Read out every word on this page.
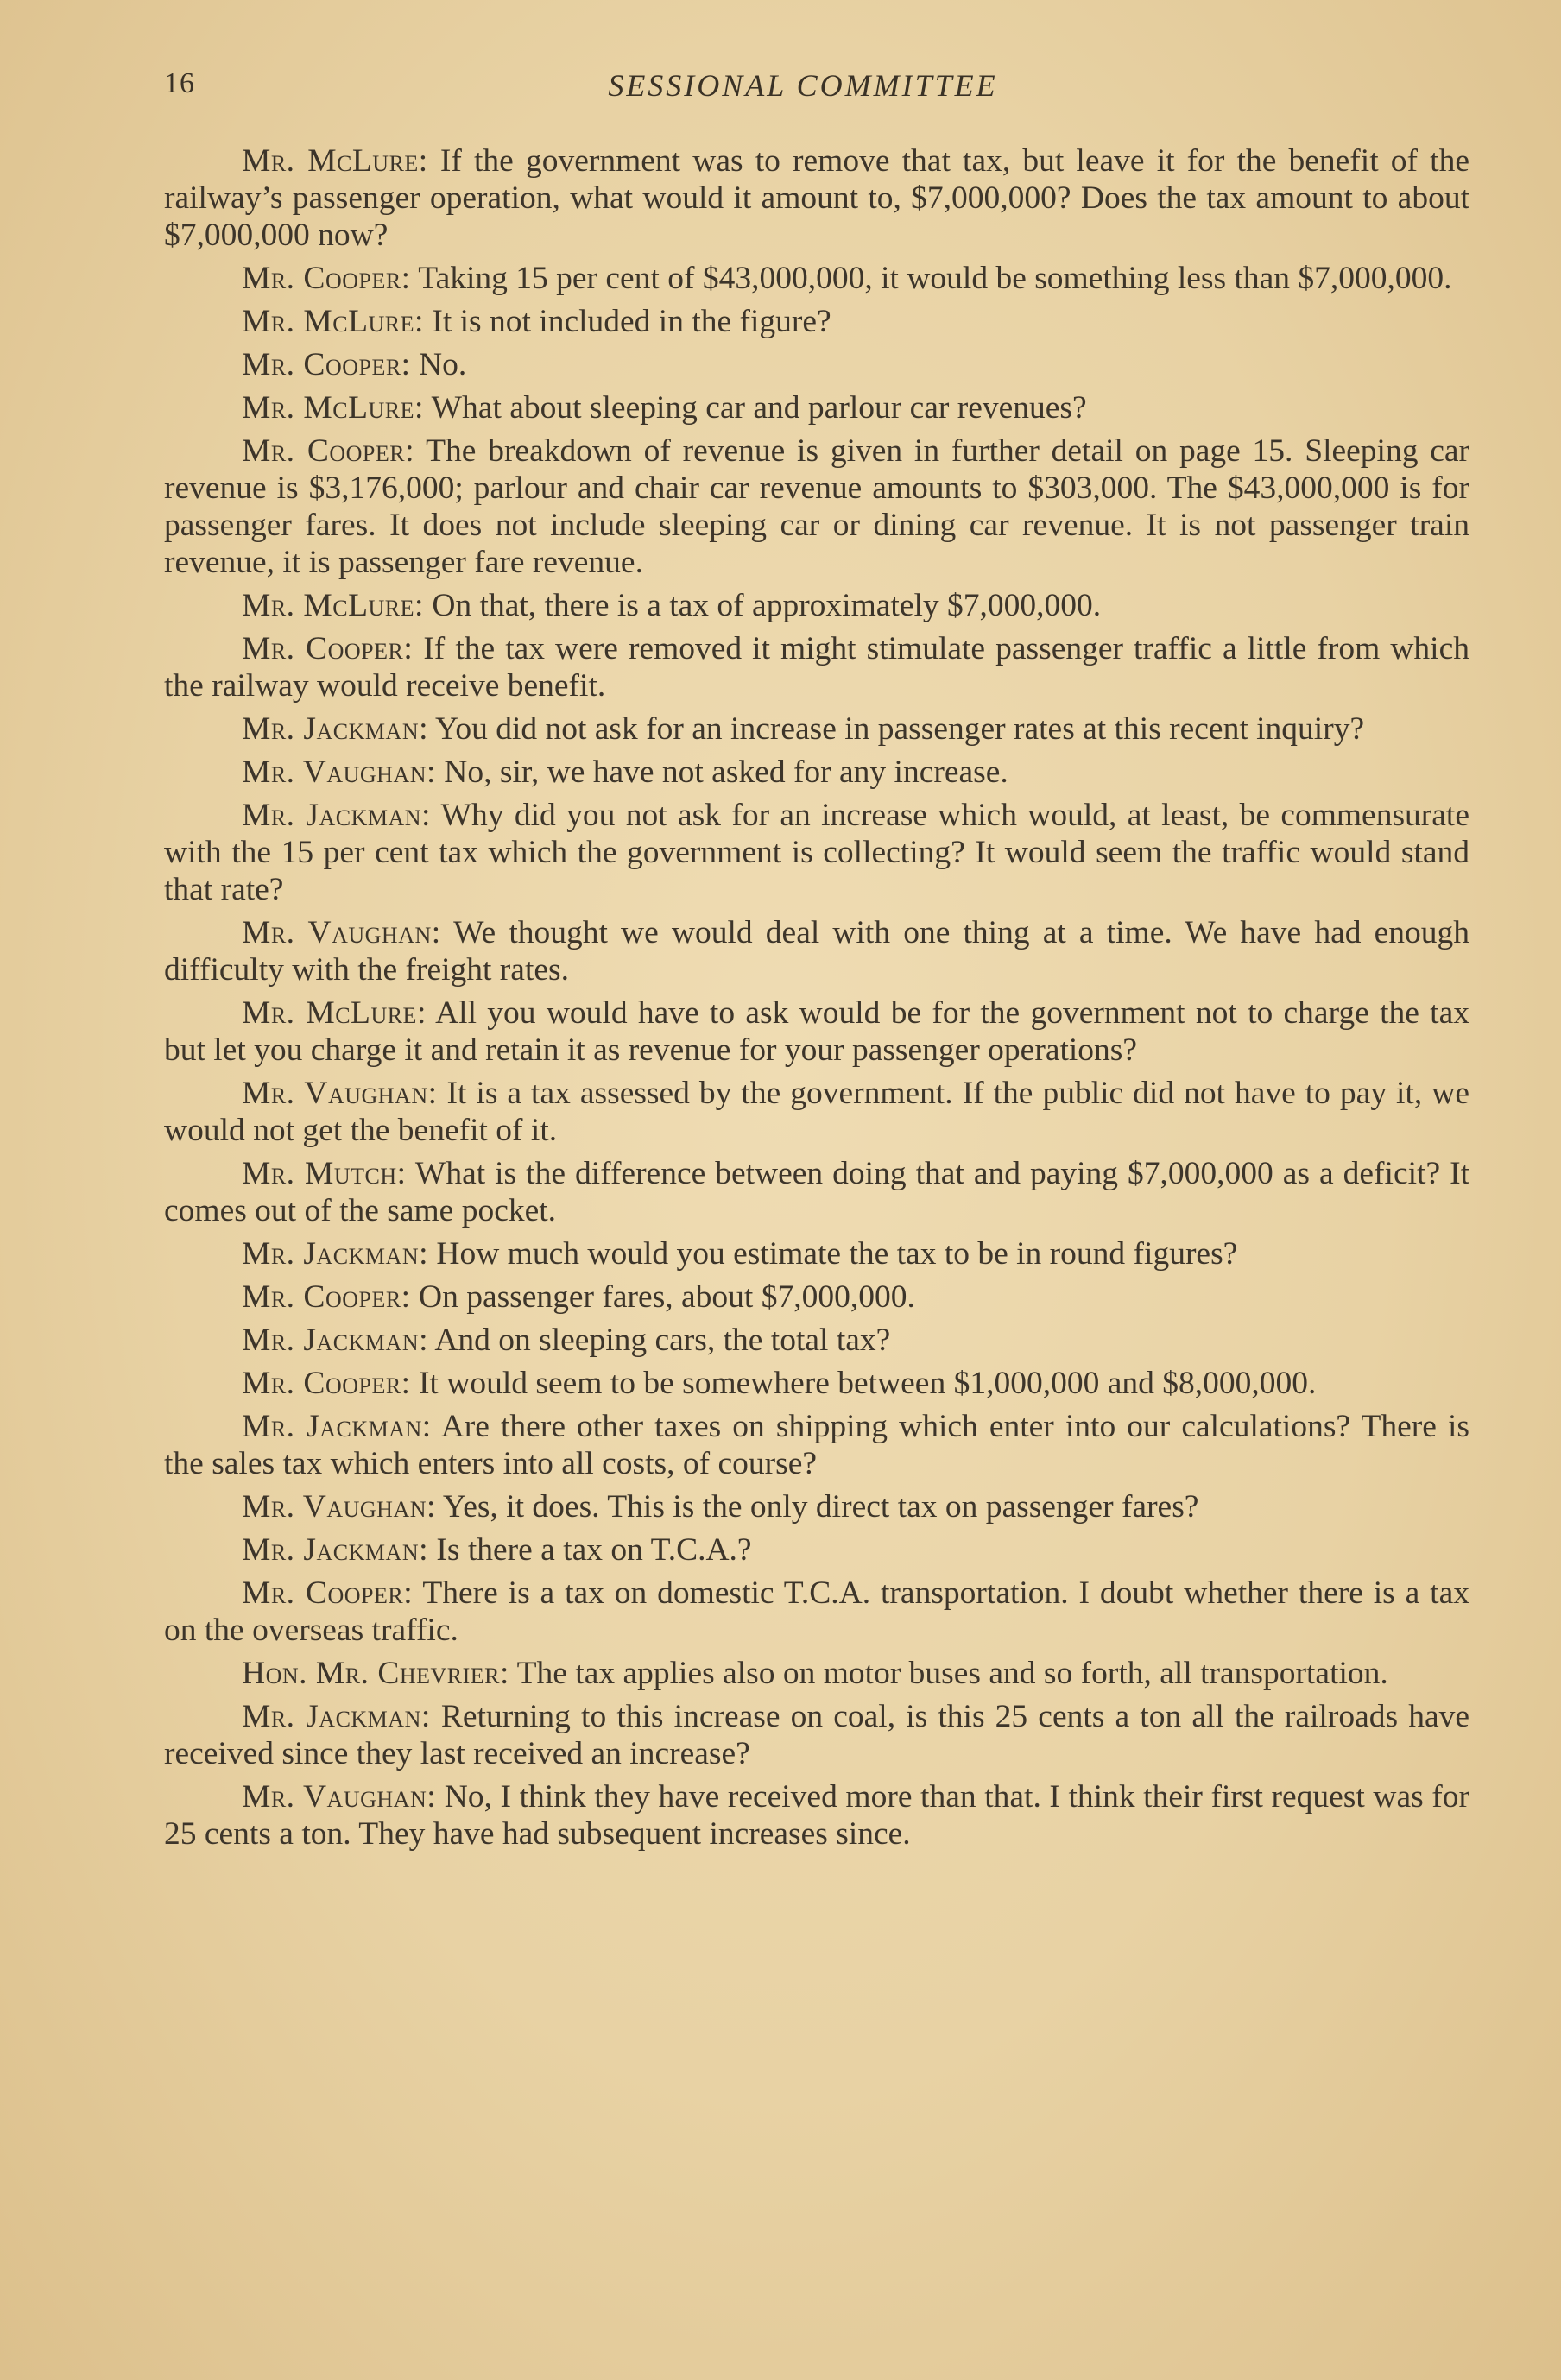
16	SESSIONAL COMMITTEE

Mr. McLure: If the government was to remove that tax, but leave it for the benefit of the railway’s passenger operation, what would it amount to, $7,000,000? Does the tax amount to about $7,000,000 now?

Mr. Cooper: Taking 15 per cent of $43,000,000, it would be something less than $7,000,000.

Mr. McLure: It is not included in the figure?

Mr. Cooper: No.

Mr. McLure: What about sleeping car and parlour car revenues?

Mr. Cooper: The breakdown of revenue is given in further detail on page 15. Sleeping car revenue is $3,176,000; parlour and chair car revenue amounts to $303,000. The $43,000,000 is for passenger fares. It does not include sleeping car or dining car revenue. It is not passenger train revenue, it is passenger fare revenue.

Mr. McLure: On that, there is a tax of approximately $7,000,000.

Mr. Cooper: If the tax were removed it might stimulate passenger traffic a little from which the railway would receive benefit.

Mr. Jackman: You did not ask for an increase in passenger rates at this recent inquiry?

Mr. Vaughan: No, sir, we have not asked for any increase.

Mr. Jackman: Why did you not ask for an increase which would, at least, be commensurate with the 15 per cent tax which the government is collecting? It would seem the traffic would stand that rate?

Mr. Vaughan: We thought we would deal with one thing at a time. We have had enough difficulty with the freight rates.

Mr. McLure: All you would have to ask would be for the government not to charge the tax but let you charge it and retain it as revenue for your passenger operations?

Mr. Vaughan: It is a tax assessed by the government. If the public did not have to pay it, we would not get the benefit of it.

Mr. Mutch: What is the difference between doing that and paying $7,000,000 as a deficit? It comes out of the same pocket.

Mr. Jackman: How much would you estimate the tax to be in round figures?

Mr. Cooper: On passenger fares, about $7,000,000.

Mr. Jackman: And on sleeping cars, the total tax?

Mr. Cooper: It would seem to be somewhere between $1,000,000 and $8,000,000.

Mr. Jackman: Are there other taxes on shipping which enter into our calculations? There is the sales tax which enters into all costs, of course?

Mr. Vaughan: Yes, it does. This is the only direct tax on passenger fares?

Mr. Jackman: Is there a tax on T.C.A.?

Mr. Cooper: There is a tax on domestic T.C.A. transportation. I doubt whether there is a tax on the overseas traffic.

Hon. Mr. Chevrier: The tax applies also on motor buses and so forth, all transportation.

Mr. Jackman: Returning to this increase on coal, is this 25 cents a ton all the railroads have received since they last received an increase?

Mr. Vaughan: No, I think they have received more than that. I think their first request was for 25 cents a ton. They have had subsequent increases since.
